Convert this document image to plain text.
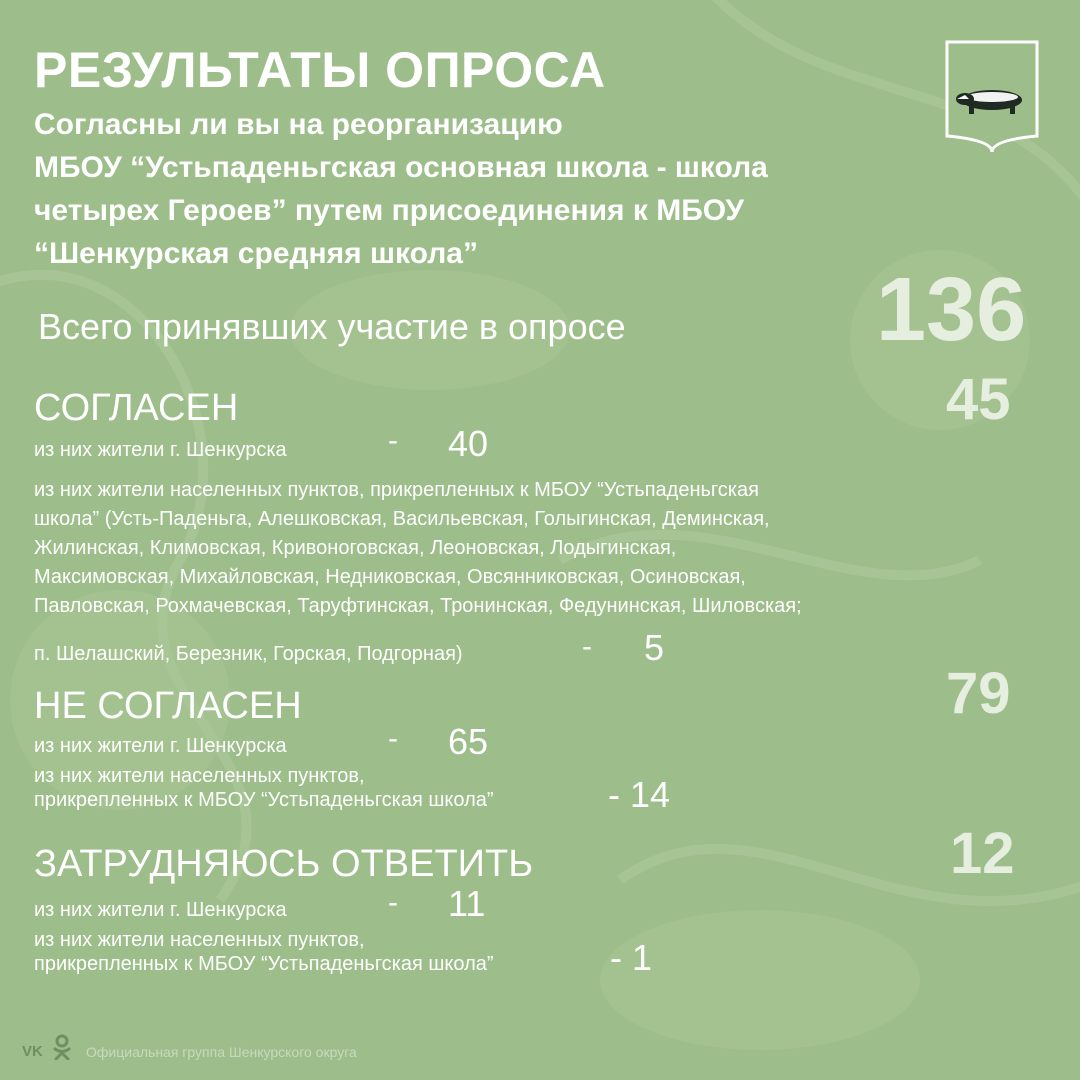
РЕЗУЛЬТАТЫ ОПРОСА
Согласны ли вы на реорганизацию
МБОУ “Устьпаденьгская основная школа - школа
четырех Героев” путем присоединения к МБОУ
“Шенкурская средняя школа”
Всего принявших участие в опросе	136
СОГЛАСЕН	45
из них жители г. Шенкурска	- 40
из них жители населенных пунктов, прикрепленных к МБОУ “Устьпаденьгская
школа” (Усть-Паденьга, Алешковская, Васильевская, Голыгинская, Деминская,
Жилинская, Климовская, Кривоноговская, Леоновская, Лодыгинская,
Максимовская, Михайловская, Недниковская, Овсянниковская, Осиновская,
Павловская, Рохмачевская, Таруфтинская, Тронинская, Федунинская, Шиловская;
п. Шелашский, Березник, Горская, Подгорная)	- 5
НЕ СОГЛАСЕН	79
из них жители г. Шенкурска	- 65
из них жители населенных пунктов,
прикрепленных к МБОУ “Устьпаденьгская школа”	- 14
ЗАТРУДНЯЮСЬ ОТВЕТИТЬ	12
из них жители г. Шенкурска	- 11
из них жители населенных пунктов,
прикрепленных к МБОУ “Устьпаденьгская школа”	- 1
VK	Официальная группа Шенкурского округа
